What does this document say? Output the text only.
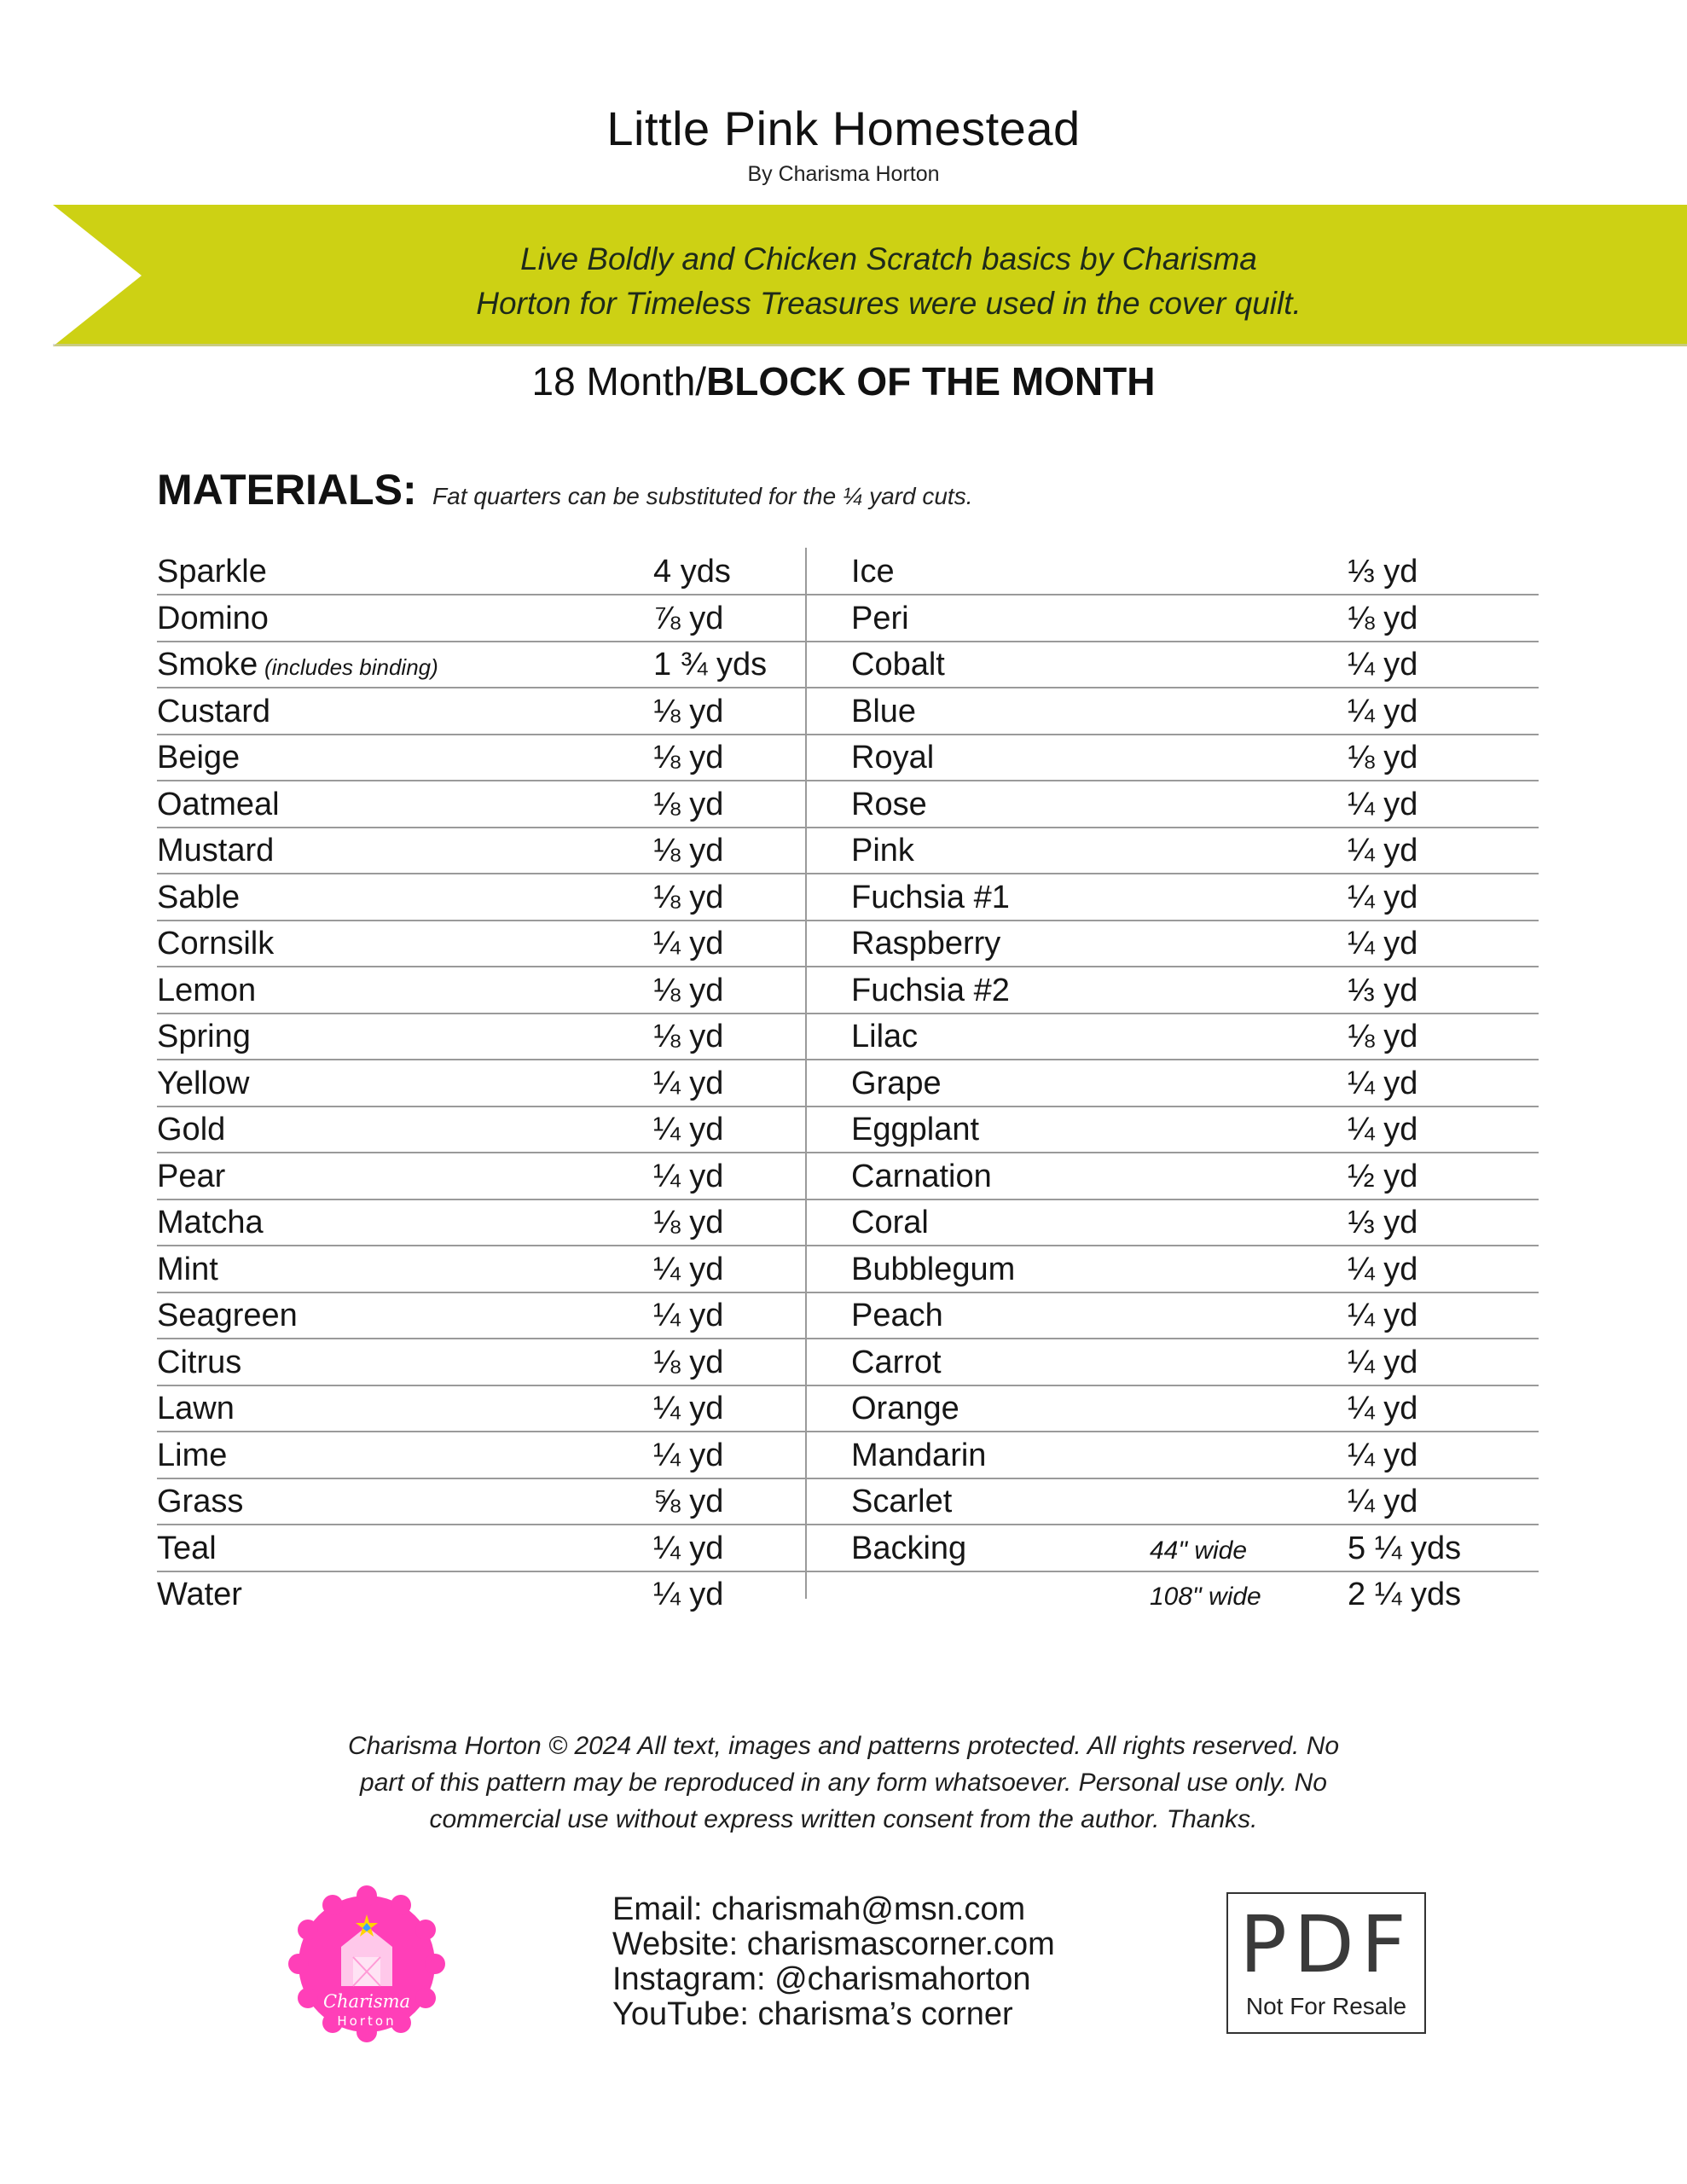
Little Pink Homestead
By Charisma Horton
Live Boldly and Chicken Scratch basics by Charisma
Horton for Timeless Treasures were used in the cover quilt.
18 Month/BLOCK OF THE MONTH
MATERIALS: Fat quarters can be substituted for the ¼ yard cuts.
Sparkle	4 yds
Domino	⅞ yd
Smoke (includes binding)	1 ¾ yds
Custard	⅛ yd
Beige	⅛ yd
Oatmeal	⅛ yd
Mustard	⅛ yd
Sable	⅛ yd
Cornsilk	¼ yd
Lemon	⅛ yd
Spring	⅛ yd
Yellow	¼ yd
Gold	¼ yd
Pear	¼ yd
Matcha	⅛ yd
Mint	¼ yd
Seagreen	¼ yd
Citrus	⅛ yd
Lawn	¼ yd
Lime	¼ yd
Grass	⅝ yd
Teal	¼ yd
Water	¼ yd
Ice	⅓ yd
Peri	⅛ yd
Cobalt	¼ yd
Blue	¼ yd
Royal	⅛ yd
Rose	¼ yd
Pink	¼ yd
Fuchsia #1	¼ yd
Raspberry	¼ yd
Fuchsia #2	⅓ yd
Lilac	⅛ yd
Grape	¼ yd
Eggplant	¼ yd
Carnation	½ yd
Coral	⅓ yd
Bubblegum	¼ yd
Peach	¼ yd
Carrot	¼ yd
Orange	¼ yd
Mandarin	¼ yd
Scarlet	¼ yd
Backing	44" wide	5 ¼ yds
108" wide	2 ¼ yds
Charisma Horton © 2024 All text, images and patterns protected. All rights reserved. No
part of this pattern may be reproduced in any form whatsoever. Personal use only. No
commercial use without express written consent from the author. Thanks.
Charisma
Horton
Email: charismah@msn.com
Website: charismascorner.com
Instagram: @charismahorton
YouTube: charisma’s corner
PDF
Not For Resale
